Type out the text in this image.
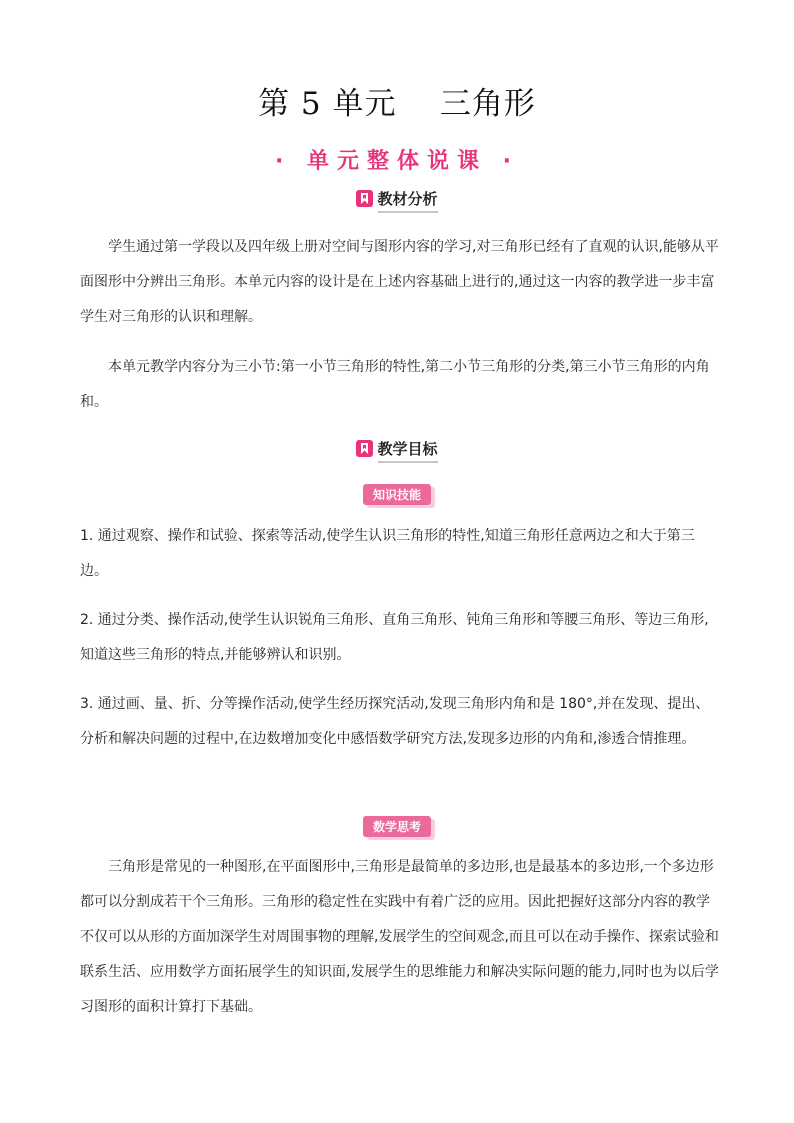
第 5 单元    三角形
· 单元整体说课 ·
教材分析

学生通过第一学段以及四年级上册对空间与图形内容的学习,对三角形已经有了直观的认识,能够从平面图形中分辨出三角形。本单元内容的设计是在上述内容基础上进行的,通过这一内容的教学进一步丰富学生对三角形的认识和理解。

本单元教学内容分为三小节:第一小节三角形的特性,第二小节三角形的分类,第三小节三角形的内角和。

教学目标
知识技能

1. 通过观察、操作和试验、探索等活动,使学生认识三角形的特性,知道三角形任意两边之和大于第三边。

2. 通过分类、操作活动,使学生认识锐角三角形、直角三角形、钝角三角形和等腰三角形、等边三角形,知道这些三角形的特点,并能够辨认和识别。

3. 通过画、量、折、分等操作活动,使学生经历探究活动,发现三角形内角和是 180°,并在发现、提出、分析和解决问题的过程中,在边数增加变化中感悟数学研究方法,发现多边形的内角和,渗透合情推理。

数学思考

三角形是常见的一种图形,在平面图形中,三角形是最简单的多边形,也是最基本的多边形,一个多边形都可以分割成若干个三角形。三角形的稳定性在实践中有着广泛的应用。因此把握好这部分内容的教学不仅可以从形的方面加深学生对周围事物的理解,发展学生的空间观念,而且可以在动手操作、探索试验和联系生活、应用数学方面拓展学生的知识面,发展学生的思维能力和解决实际问题的能力,同时也为以后学习图形的面积计算打下基础。
